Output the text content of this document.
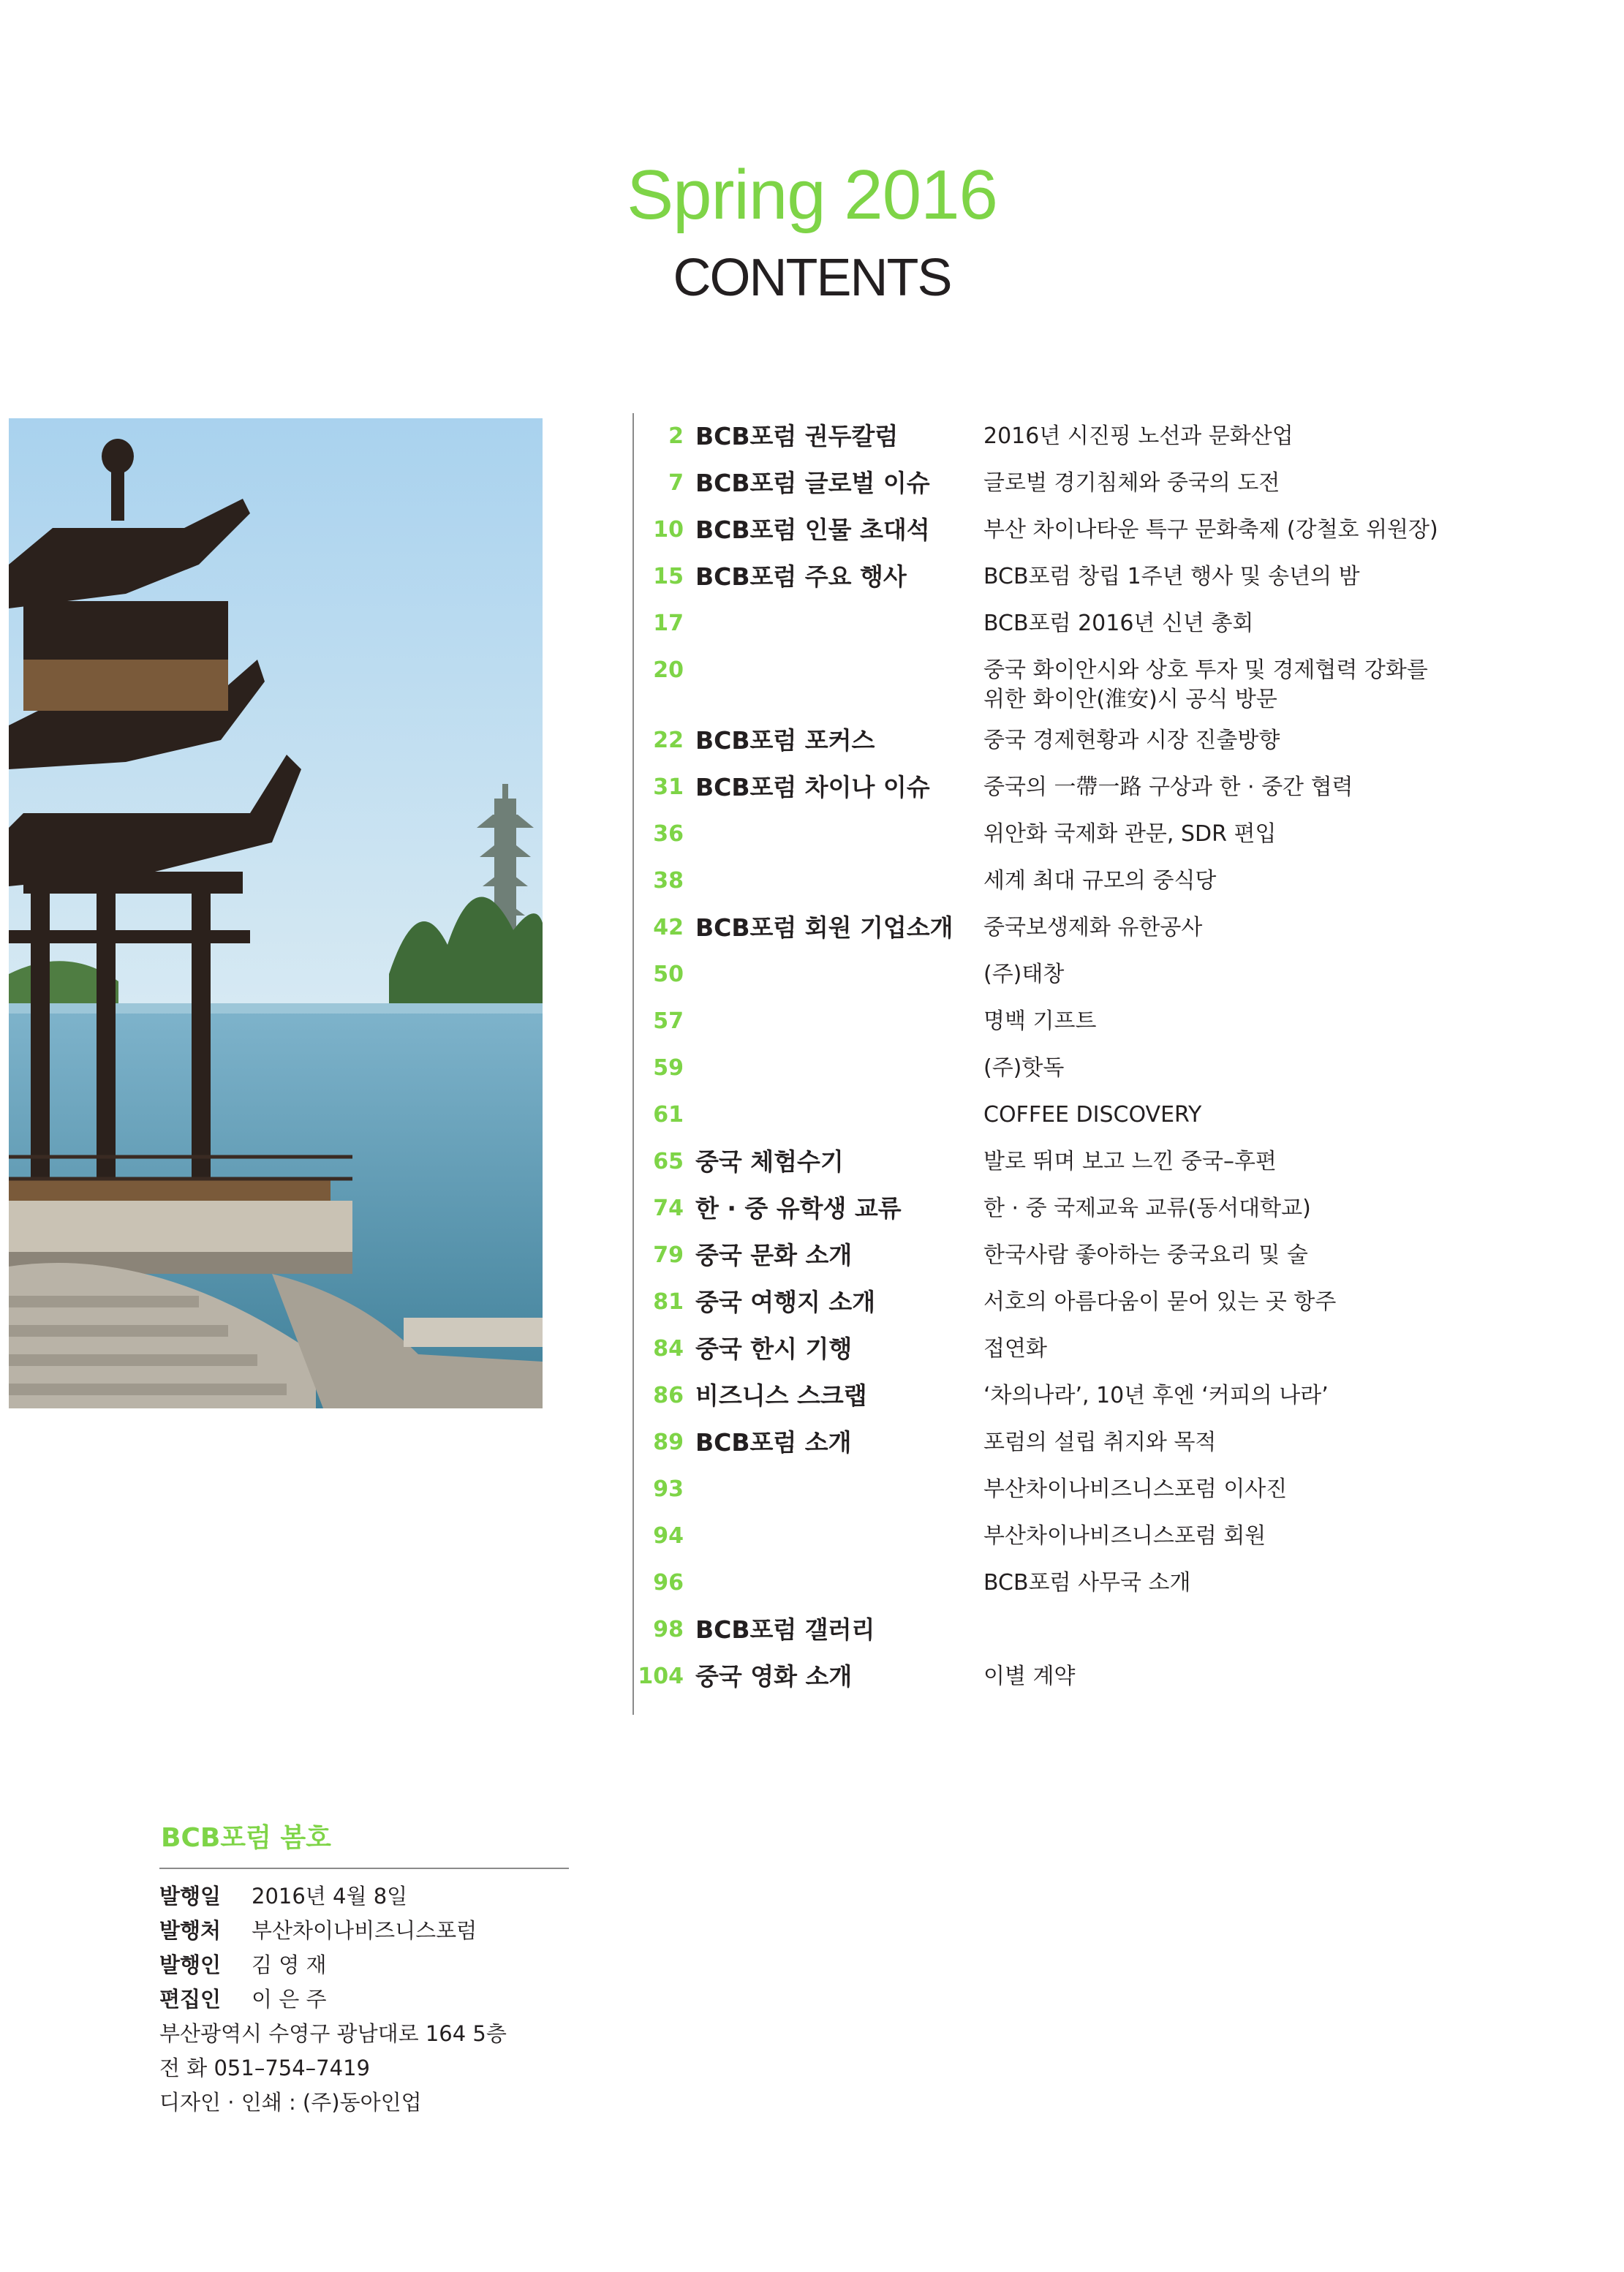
Spring 2016
CONTENTS
2 BCB포럼 권두칼럼	2016년 시진핑 노선과 문화산업
7 BCB포럼 글로벌 이슈	글로벌 경기침체와 중국의 도전
10 BCB포럼 인물 초대석	부산 차이나타운 특구 문화축제 (강철호 위원장)
15 BCB포럼 주요 행사	BCB포럼 창립 1주년 행사 및 송년의 밤
17	BCB포럼 2016년 신년 총회
20	중국 화이안시와 상호 투자 및 경제협력 강화를
위한 화이안(淮安)시 공식 방문
22 BCB포럼 포커스	중국 경제현황과 시장 진출방향
31 BCB포럼 차이나 이슈	중국의 一帶一路 구상과 한 · 중간 협력
36	위안화 국제화 관문, SDR 편입
38	세계 최대 규모의 중식당
42 BCB포럼 회원 기업소개	중국보생제화 유한공사
50	(주)태창
57	명백 기프트
59	(주)핫독
61	COFFEE DISCOVERY
65 중국 체험수기	발로 뛰며 보고 느낀 중국–후편
74 한 · 중 유학생 교류	한 · 중 국제교육 교류(동서대학교)
79 중국 문화 소개	한국사람 좋아하는 중국요리 및 술
81 중국 여행지 소개	서호의 아름다움이 묻어 있는 곳 항주
84 중국 한시 기행	접연화
86 비즈니스 스크랩	‘차의나라’, 10년 후엔 ‘커피의 나라’
89 BCB포럼 소개	포럼의 설립 취지와 목적
93	부산차이나비즈니스포럼 이사진
94	부산차이나비즈니스포럼 회원
96	BCB포럼 사무국 소개
98 BCB포럼 갤러리
104 중국 영화 소개	이별 계약
BCB포럼 봄호
발행일 2016년 4월 8일
발행처 부산차이나비즈니스포럼
발행인 김 영 재
편집인 이 은 주
부산광역시 수영구 광남대로 164 5층
전 화 051–754–7419
디자인 · 인쇄 : (주)동아인업
